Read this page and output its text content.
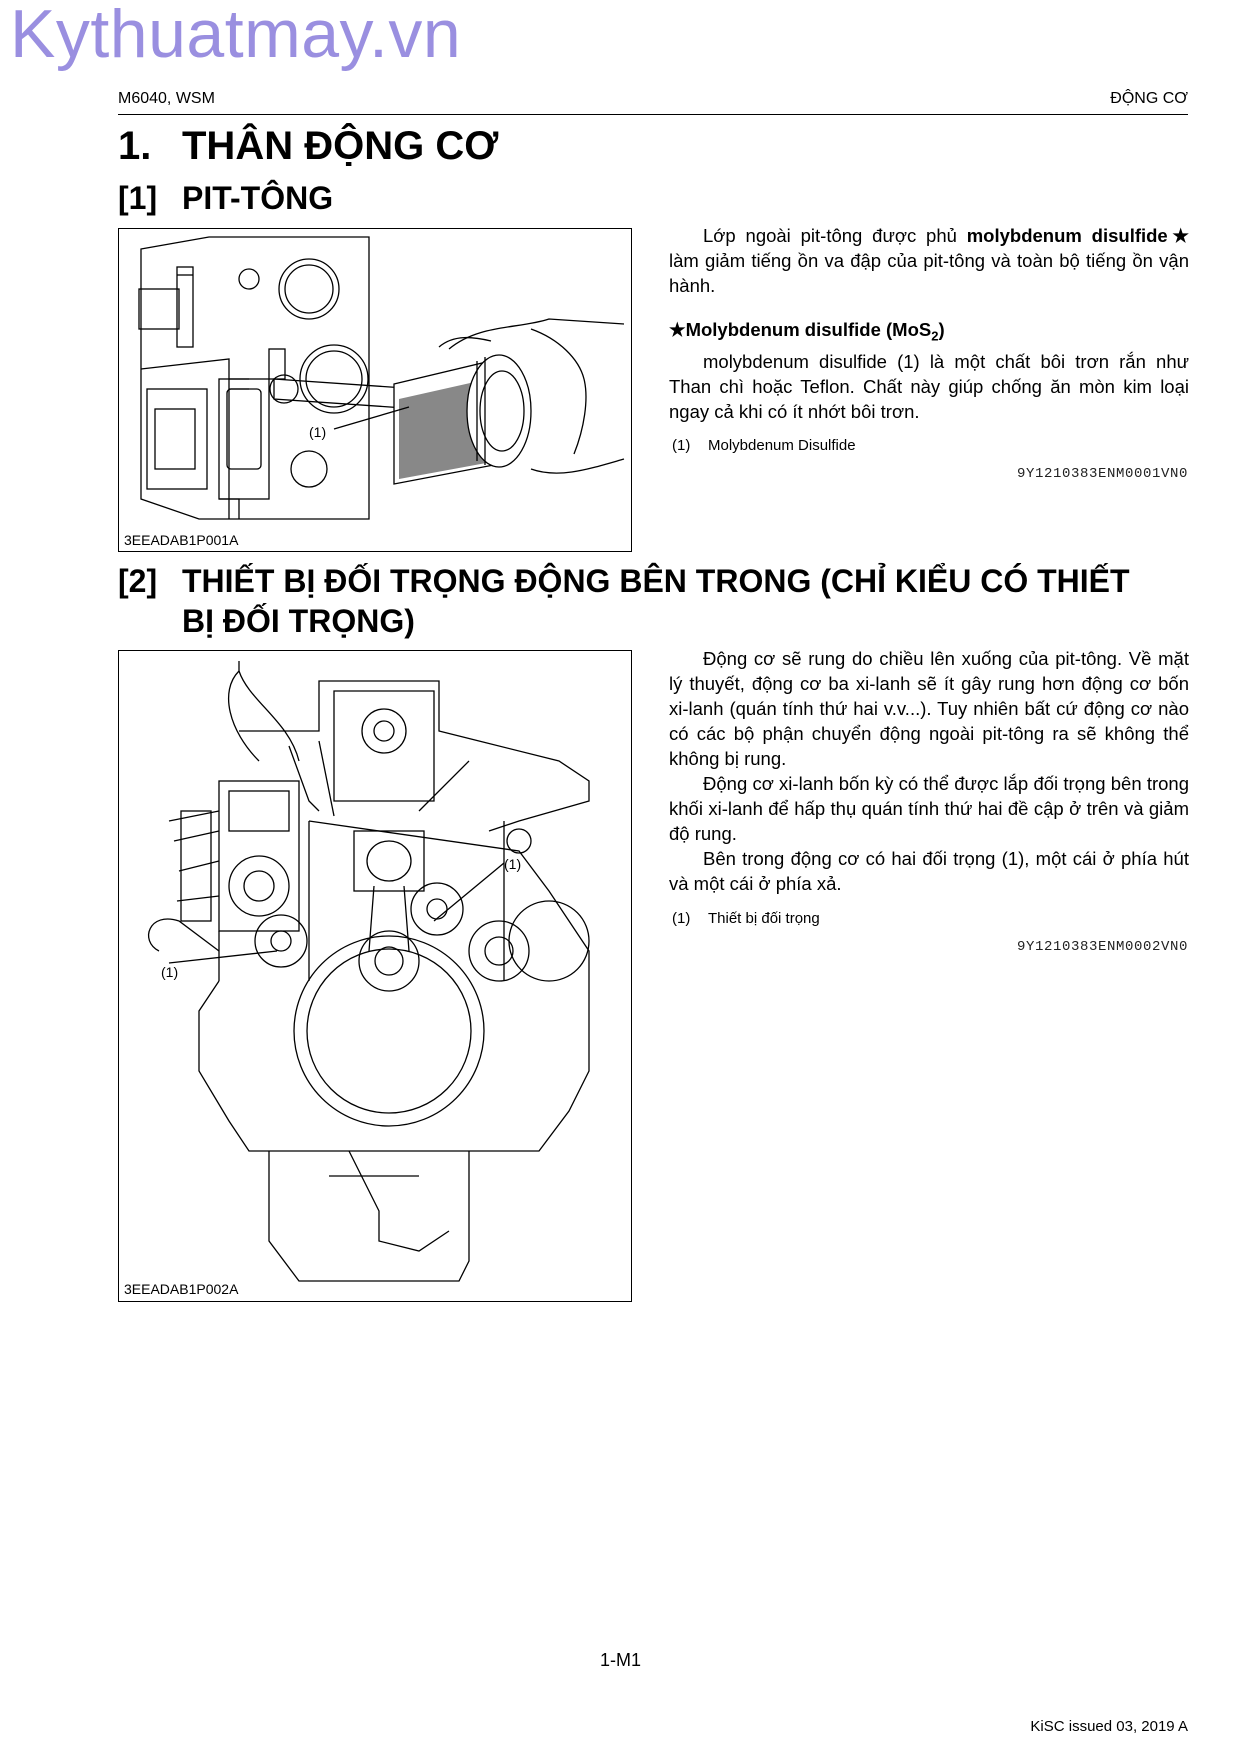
Kythuatmay.vn
M6040, WSM	ĐỘNG CƠ
1. THÂN ĐỘNG CƠ
[1] PIT-TÔNG
(1)
3EEADAB1P001A

Lớp ngoài pit-tông được phủ molybdenum disulfide★ làm giảm tiếng ồn va đập của pit-tông và toàn bộ tiếng ồn vận hành.

★Molybdenum disulfide (MoS$_2$)

molybdenum disulfide (1) là một chất bôi trơn rắn như Than chì hoặc Teflon. Chất này giúp chống ăn mòn kim loại ngay cả khi có ít nhớt bôi trơn.

(1) Molybdenum Disulfide
9Y1210383ENM0001VN0
[2] THIẾT BỊ ĐỐI TRỌNG ĐỘNG BÊN TRONG (CHỈ KIỂU CÓ THIẾT
BỊ ĐỐI TRỌNG)
(1)
(1)
3EEADAB1P002A

Động cơ sẽ rung do chiều lên xuống của pit-tông. Về mặt lý thuyết, động cơ ba xi-lanh sẽ ít gây rung hơn động cơ bốn xi-lanh (quán tính thứ hai v.v...). Tuy nhiên bất cứ động cơ nào có các bộ phận chuyển động ngoài pit-tông ra sẽ không thể không bị rung.

Động cơ xi-lanh bốn kỳ có thể được lắp đối trọng bên trong khối xi-lanh để hấp thụ quán tính thứ hai đề cập ở trên và giảm độ rung.

Bên trong động cơ có hai đối trọng (1), một cái ở phía hút và một cái ở phía xả.

(1) Thiết bị đối trọng
9Y1210383ENM0002VN0
1-M1
KiSC issued 03, 2019 A
